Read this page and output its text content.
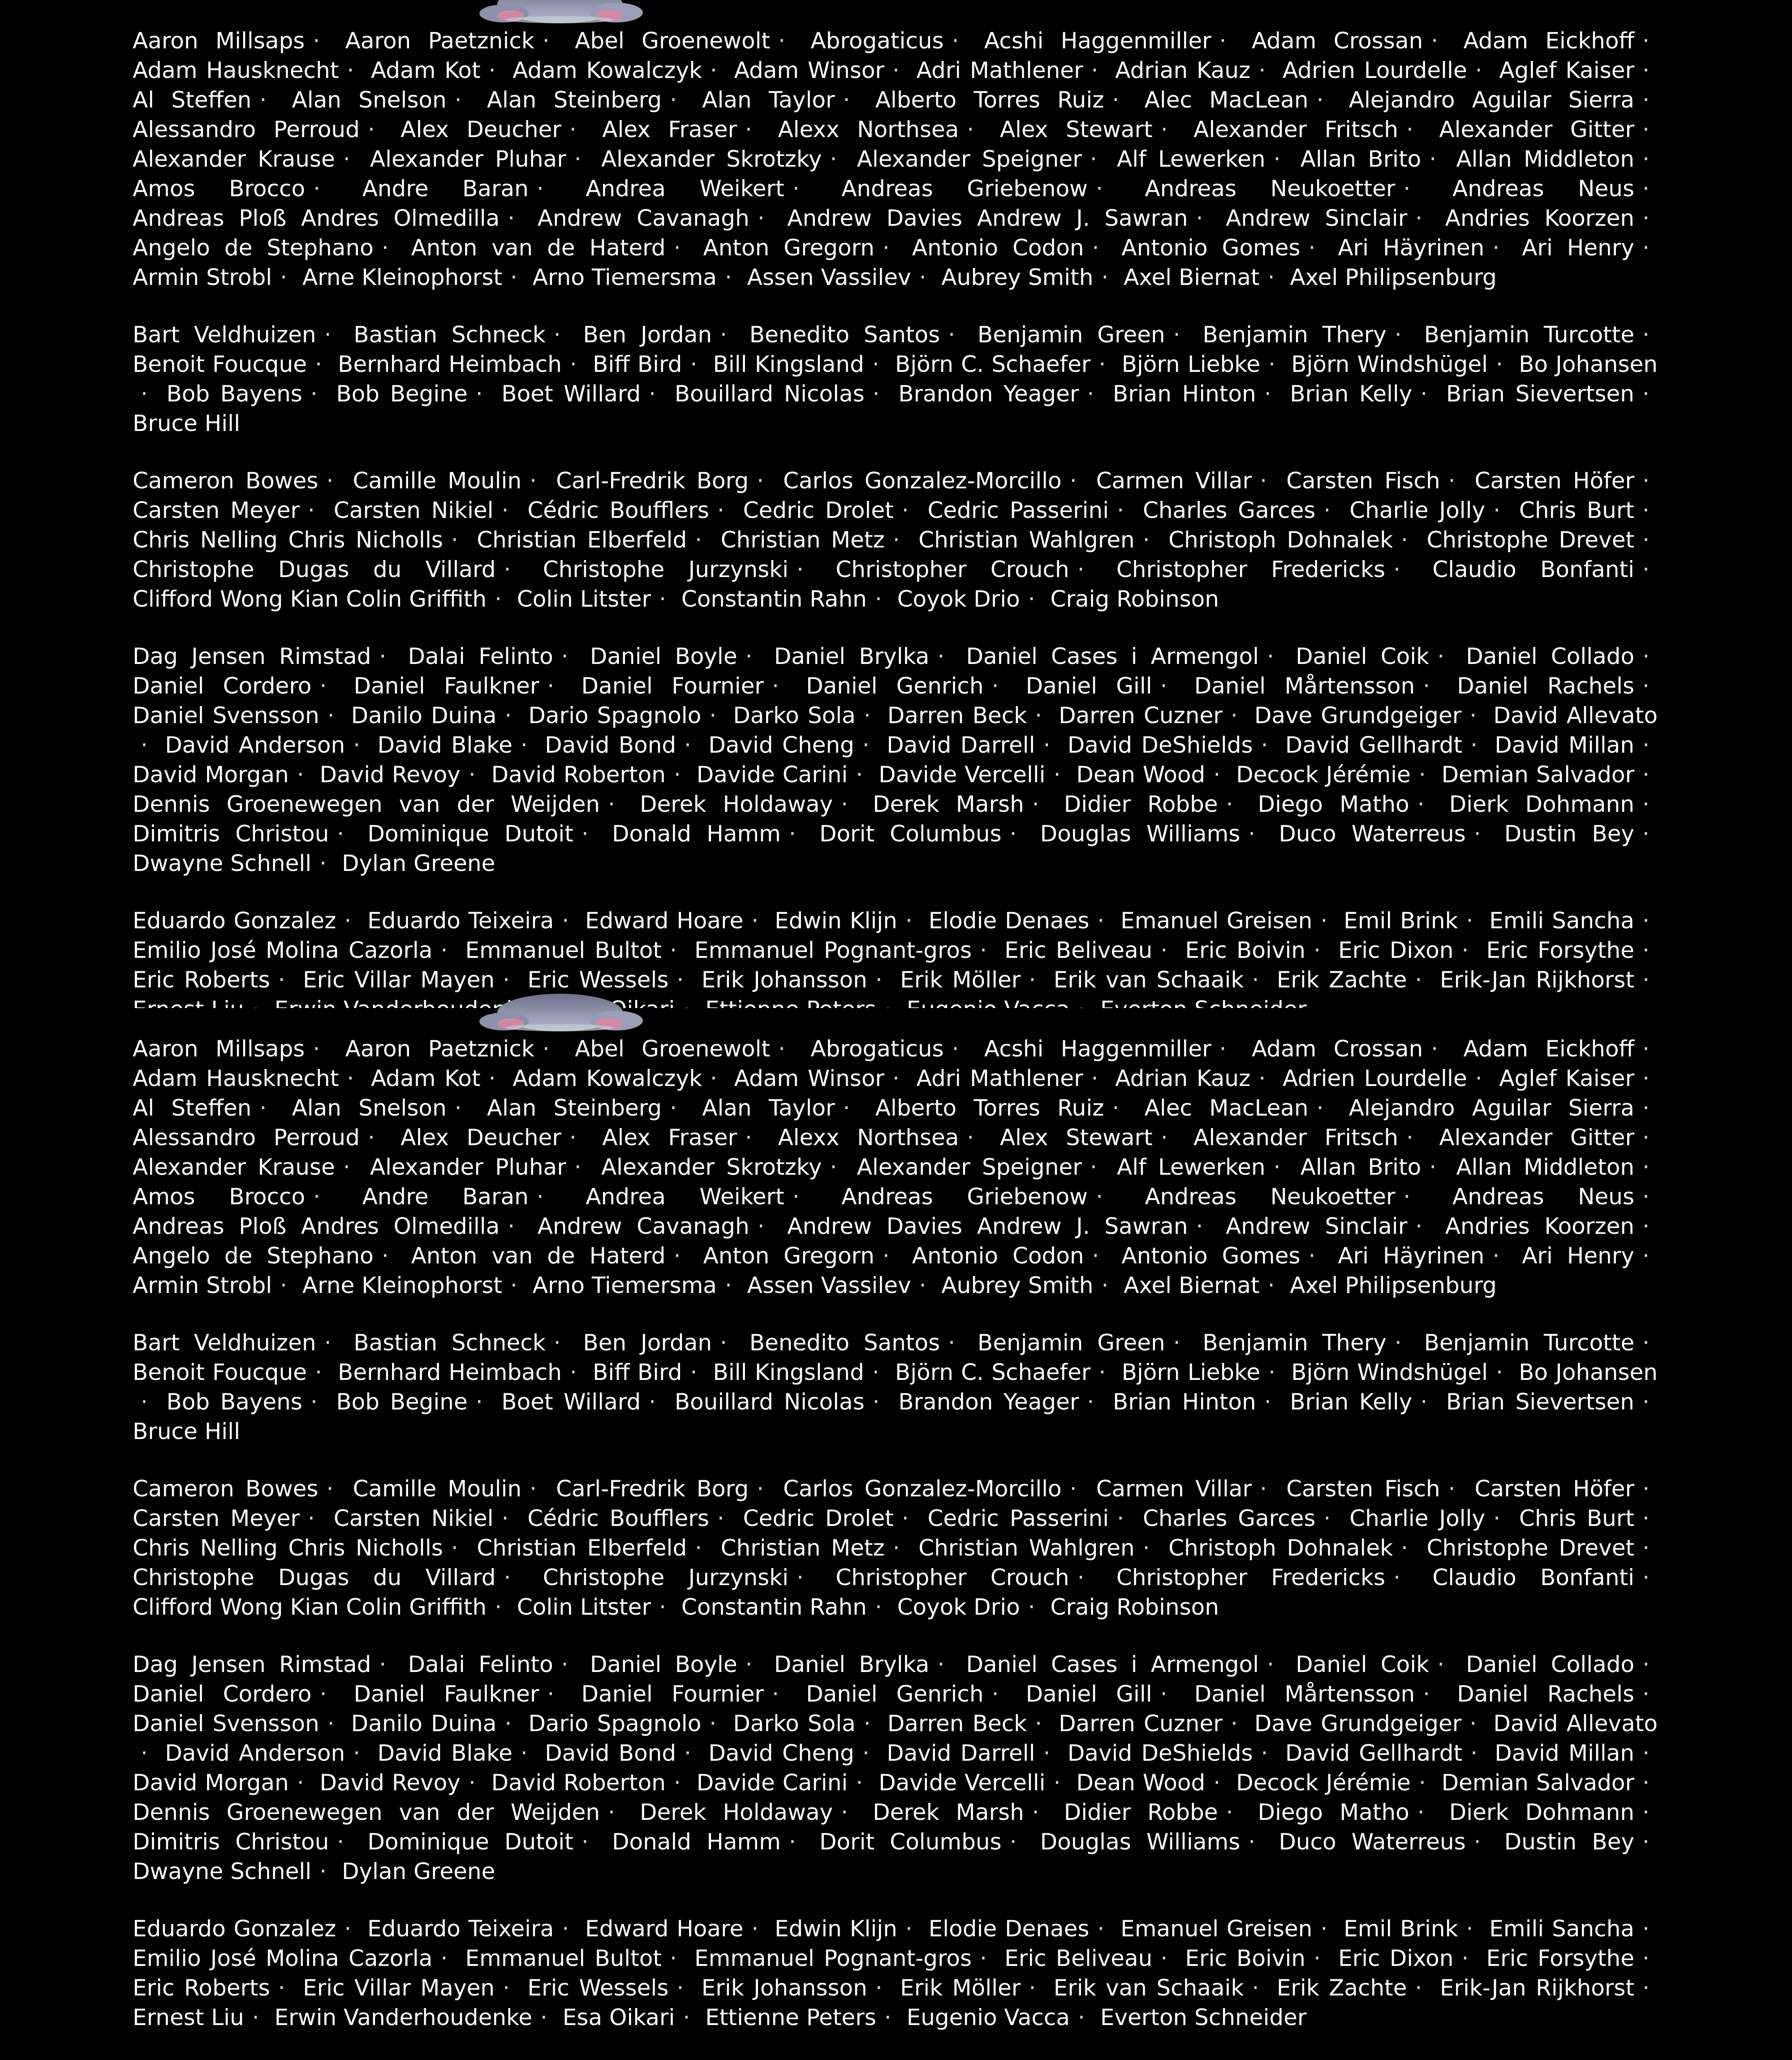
Aaron Millsaps · Aaron Paetznick · Abel Groenewolt · Abrogaticus · Acshi Haggenmiller · Adam Crossan · Adam Eickhoff · Adam Hausknecht · Adam Kot · Adam Kowalczyk · Adam Winsor · Adri Mathlener · Adrian Kauz · Adrien Lourdelle · Aglef Kaiser · Al Steffen · Alan Snelson · Alan Steinberg · Alan Taylor · Alberto Torres Ruiz · Alec MacLean · Alejandro Aguilar Sierra · Alessandro Perroud · Alex Deucher · Alex Fraser · Alexx Northsea · Alex Stewart · Alexander Fritsch · Alexander Gitter · Alexander Krause · Alexander Pluhar · Alexander Skrotzky · Alexander Speigner · Alf Lewerken · Allan Brito · Allan Middleton · Amos Brocco · Andre Baran · Andrea Weikert · Andreas Griebenow · Andreas Neukoetter · Andreas Neus · Andreas Ploß Andres Olmedilla · Andrew Cavanagh · Andrew Davies Andrew J. Sawran · Andrew Sinclair · Andries Koorzen · Angelo de Stephano · Anton van de Haterd · Anton Gregorn · Antonio Codon · Antonio Gomes · Ari Häyrinen · Ari Henry · Armin Strobl · Arne Kleinophorst · Arno Tiemersma · Assen Vassilev · Aubrey Smith · Axel Biernat · Axel Philipsenburg

Bart Veldhuizen · Bastian Schneck · Ben Jordan · Benedito Santos · Benjamin Green · Benjamin Thery · Benjamin Turcotte · Benoit Foucque · Bernhard Heimbach · Biff Bird · Bill Kingsland · Björn C. Schaefer · Björn Liebke · Björn Windshügel · Bo Johansen· Bob Bayens · Bob Begine · Boet Willard · Bouillard Nicolas · Brandon Yeager · Brian Hinton · Brian Kelly · Brian Sievertsen · Bruce Hill

Cameron Bowes · Camille Moulin · Carl-Fredrik Borg · Carlos Gonzalez-Morcillo · Carmen Villar · Carsten Fisch · Carsten Höfer · Carsten Meyer · Carsten Nikiel · Cédric Boufflers · Cedric Drolet · Cedric Passerini · Charles Garces · Charlie Jolly · Chris Burt · Chris Nelling Chris Nicholls · Christian Elberfeld · Christian Metz · Christian Wahlgren · Christoph Dohnalek · Christophe Drevet · Christophe Dugas du Villard · Christophe Jurzynski · Christopher Crouch · Christopher Fredericks · Claudio Bonfanti · Clifford Wong Kian Colin Griffith · Colin Litster · Constantin Rahn · Coyok Drio · Craig Robinson

Dag Jensen Rimstad · Dalai Felinto · Daniel Boyle · Daniel Brylka · Daniel Cases i Armengol · Daniel Coik · Daniel Collado · Daniel Cordero · Daniel Faulkner · Daniel Fournier · Daniel Genrich · Daniel Gill · Daniel Mårtensson · Daniel Rachels · Daniel Svensson · Danilo Duina · Dario Spagnolo · Darko Sola · Darren Beck · Darren Cuzner · Dave Grundgeiger · David Allevato· David Anderson · David Blake · David Bond · David Cheng · David Darrell · David DeShields · David Gellhardt · David Millan · David Morgan · David Revoy · David Roberton · Davide Carini · Davide Vercelli · Dean Wood · Decock Jérémie · Demian Salvador · Dennis Groenewegen van der Weijden · Derek Holdaway · Derek Marsh · Didier Robbe · Diego Matho · Dierk Dohmann · Dimitris Christou · Dominique Dutoit · Donald Hamm · Dorit Columbus · Douglas Williams · Duco Waterreus · Dustin Bey · Dwayne Schnell · Dylan Greene

Eduardo Gonzalez · Eduardo Teixeira · Edward Hoare · Edwin Klijn · Elodie Denaes · Emanuel Greisen · Emil Brink · Emili Sancha · Emilio José Molina Cazorla · Emmanuel Bultot · Emmanuel Pognant-gros · Eric Beliveau · Eric Boivin · Eric Dixon · Eric Forsythe · Eric Roberts · Eric Villar Mayen · Eric Wessels · Erik Johansson · Erik Möller · Erik van Schaaik · Erik Zachte · Erik-Jan Rijkhorst ·

Aaron Millsaps · Aaron Paetznick · Abel Groenewolt · Abrogaticus · Acshi Haggenmiller · Adam Crossan · Adam Eickhoff · Adam Hausknecht · Adam Kot · Adam Kowalczyk · Adam Winsor · Adri Mathlener · Adrian Kauz · Adrien Lourdelle · Aglef Kaiser · Al Steffen · Alan Snelson · Alan Steinberg · Alan Taylor · Alberto Torres Ruiz · Alec MacLean · Alejandro Aguilar Sierra · Alessandro Perroud · Alex Deucher · Alex Fraser · Alexx Northsea · Alex Stewart · Alexander Fritsch · Alexander Gitter · Alexander Krause · Alexander Pluhar · Alexander Skrotzky · Alexander Speigner · Alf Lewerken · Allan Brito · Allan Middleton · Amos Brocco · Andre Baran · Andrea Weikert · Andreas Griebenow · Andreas Neukoetter · Andreas Neus · Andreas Ploß Andres Olmedilla · Andrew Cavanagh · Andrew Davies Andrew J. Sawran · Andrew Sinclair · Andries Koorzen · Angelo de Stephano · Anton van de Haterd · Anton Gregorn · Antonio Codon · Antonio Gomes · Ari Häyrinen · Ari Henry · Armin Strobl · Arne Kleinophorst · Arno Tiemersma · Assen Vassilev · Aubrey Smith · Axel Biernat · Axel Philipsenburg

Bart Veldhuizen · Bastian Schneck · Ben Jordan · Benedito Santos · Benjamin Green · Benjamin Thery · Benjamin Turcotte · Benoit Foucque · Bernhard Heimbach · Biff Bird · Bill Kingsland · Björn C. Schaefer · Björn Liebke · Björn Windshügel · Bo Johansen· Bob Bayens · Bob Begine · Boet Willard · Bouillard Nicolas · Brandon Yeager · Brian Hinton · Brian Kelly · Brian Sievertsen · Bruce Hill

Cameron Bowes · Camille Moulin · Carl-Fredrik Borg · Carlos Gonzalez-Morcillo · Carmen Villar · Carsten Fisch · Carsten Höfer · Carsten Meyer · Carsten Nikiel · Cédric Boufflers · Cedric Drolet · Cedric Passerini · Charles Garces · Charlie Jolly · Chris Burt · Chris Nelling Chris Nicholls · Christian Elberfeld · Christian Metz · Christian Wahlgren · Christoph Dohnalek · Christophe Drevet · Christophe Dugas du Villard · Christophe Jurzynski · Christopher Crouch · Christopher Fredericks · Claudio Bonfanti · Clifford Wong Kian Colin Griffith · Colin Litster · Constantin Rahn · Coyok Drio · Craig Robinson

Dag Jensen Rimstad · Dalai Felinto · Daniel Boyle · Daniel Brylka · Daniel Cases i Armengol · Daniel Coik · Daniel Collado · Daniel Cordero · Daniel Faulkner · Daniel Fournier · Daniel Genrich · Daniel Gill · Daniel Mårtensson · Daniel Rachels · Daniel Svensson · Danilo Duina · Dario Spagnolo · Darko Sola · Darren Beck · Darren Cuzner · Dave Grundgeiger · David Allevato· David Anderson · David Blake · David Bond · David Cheng · David Darrell · David DeShields · David Gellhardt · David Millan · David Morgan · David Revoy · David Roberton · Davide Carini · Davide Vercelli · Dean Wood · Decock Jérémie · Demian Salvador · Dennis Groenewegen van der Weijden · Derek Holdaway · Derek Marsh · Didier Robbe · Diego Matho · Dierk Dohmann · Dimitris Christou · Dominique Dutoit · Donald Hamm · Dorit Columbus · Douglas Williams · Duco Waterreus · Dustin Bey · Dwayne Schnell · Dylan Greene

Eduardo Gonzalez · Eduardo Teixeira · Edward Hoare · Edwin Klijn · Elodie Denaes · Emanuel Greisen · Emil Brink · Emili Sancha · Emilio José Molina Cazorla · Emmanuel Bultot · Emmanuel Pognant-gros · Eric Beliveau · Eric Boivin · Eric Dixon · Eric Forsythe · Eric Roberts · Eric Villar Mayen · Eric Wessels · Erik Johansson · Erik Möller · Erik van Schaaik · Erik Zachte · Erik-Jan Rijkhorst · Ernest Liu · Erwin Vanderhoudenke · Esa Oikari · Ettienne Peters · Eugenio Vacca · Everton Schneider
